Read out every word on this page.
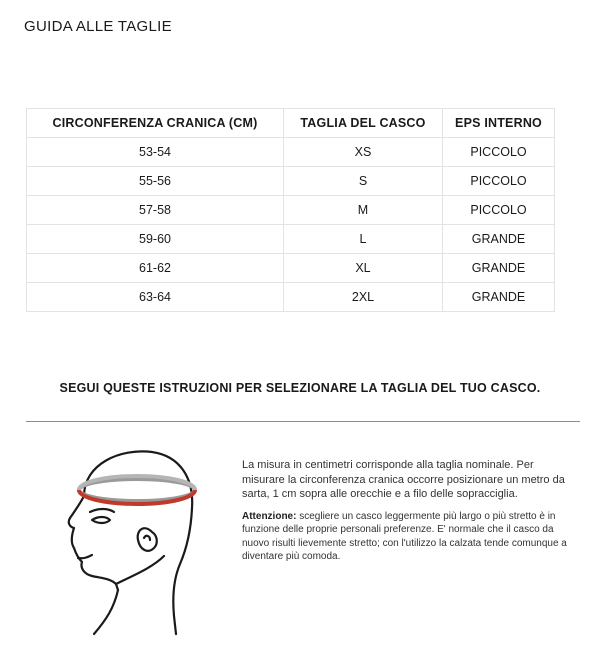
GUIDA ALLE TAGLIE
CIRCONFERENZA CRANICA (CM)	TAGLIA DEL CASCO	EPS INTERNO
53-54	XS	PICCOLO
55-56	S	PICCOLO
57-58	M	PICCOLO
59-60	L	GRANDE
61-62	XL	GRANDE
63-64	2XL	GRANDE
SEGUI QUESTE ISTRUZIONI PER SELEZIONARE LA TAGLIA DEL TUO CASCO.

La misura in centimetri corrisponde alla taglia nominale. Per misurare la circonferenza cranica occorre posizionare un metro da sarta, 1 cm sopra alle orecchie e a filo delle sopracciglia.

Attenzione: scegliere un casco leggermente più largo o più stretto è in funzione delle proprie personali preferenze. E' normale che il casco da nuovo risulti lievemente stretto; con l'utilizzo la calzata tende comunque a diventare più comoda.
